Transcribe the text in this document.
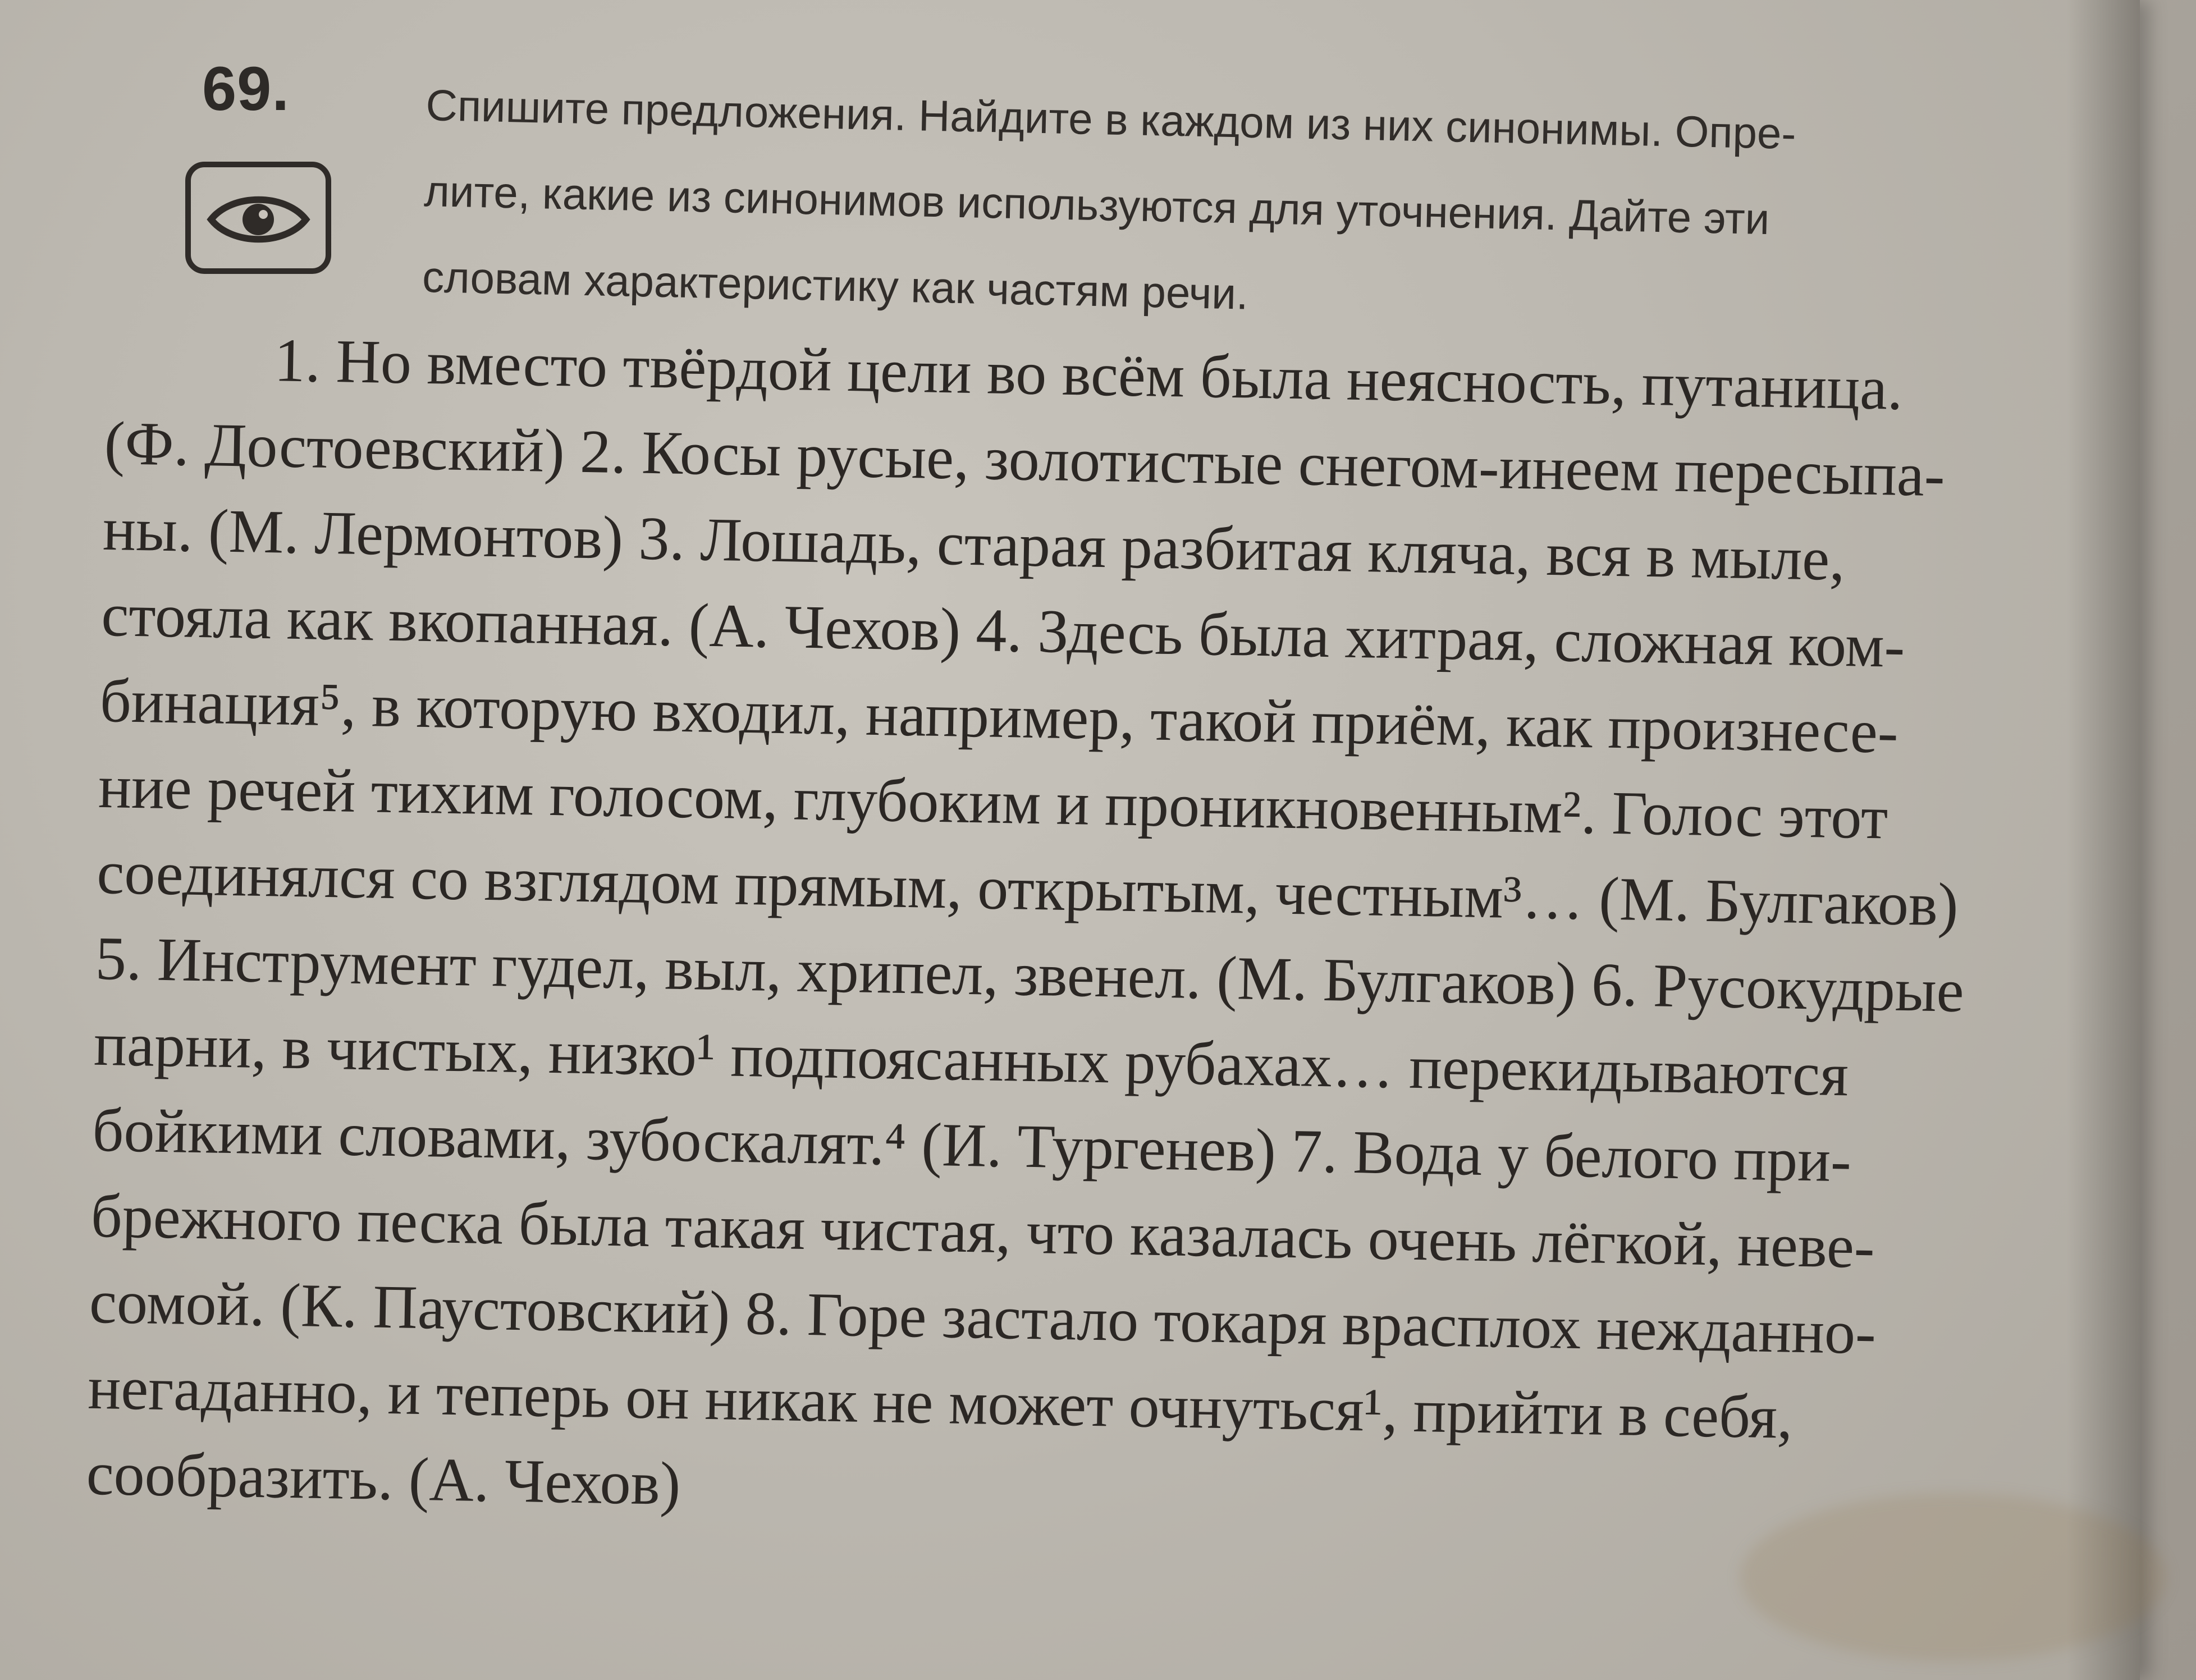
69.	Спишите предложения. Найдите в каждом из них синонимы. Опре-
лите, какие из синонимов используются для уточнения. Дайте эти
словам характеристику как частям речи.
1. Но вместо твёрдой цели во всём была неясность, путаница.
(Ф. Достоевский) 2. Косы русые, золотистые снегом-инеем пересыпа-
ны. (М. Лермонтов) 3. Лошадь, старая разбитая кляча, вся в мыле,
стояла как вкопанная. (А. Чехов) 4. Здесь была хитрая, сложная ком-
бинация⁵, в которую входил, например, такой приём, как произнесе-
ние речей тихим голосом, глубоким и проникновенным². Голос этот
соединялся со взглядом прямым, открытым, честным³… (М. Булгаков)
5. Инструмент гудел, выл, хрипел, звенел. (М. Булгаков) 6. Русокудрые
парни, в чистых, низко¹ подпоясанных рубахах… перекидываются
бойкими словами, зубоскалят.⁴ (И. Тургенев) 7. Вода у белого при-
брежного песка была такая чистая, что казалась очень лёгкой, неве-
сомой. (К. Паустовский) 8. Горе застало токаря врасплох нежданно-
негаданно, и теперь он никак не может очнуться¹, прийти в себя,
сообразить. (А. Чехов)
